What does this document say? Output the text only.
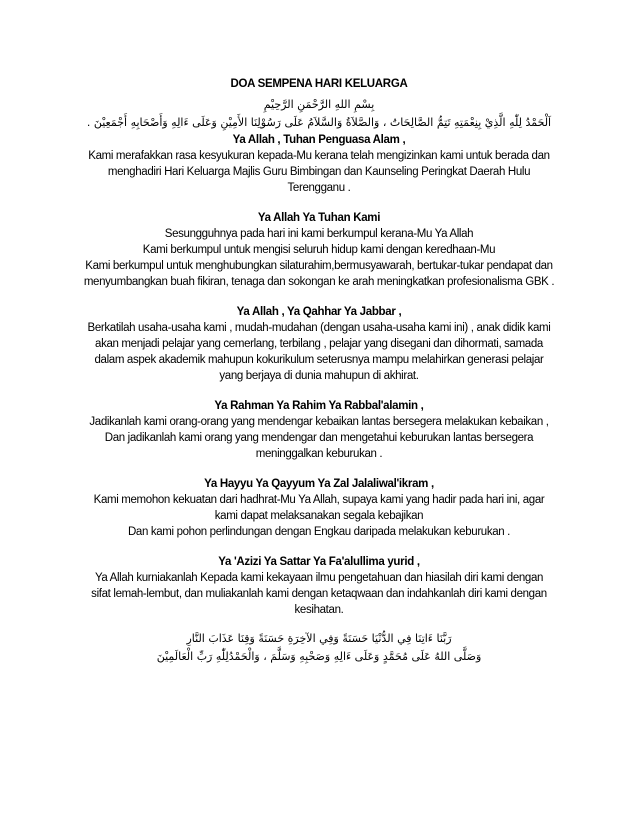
DOA SEMPENA HARI KELUARGA

بِسْمِ اللهِ الرَّحْمَنِ الرَّحِيْمِ

اَلْحَمْدُ لِلّٰهِ الَّذِيْ بِنِعْمَتِهِ تَتِمُّ الصَّالِحَاتُ ، وَالصَّلاَةُ وَالسَّلاَمُ عَلَى رَسُوْلِنَا الأَمِيْنِ وَعَلَى ءَالِهِ وَأَصْحَابِهِ أَجْمَعِيْنَ .

Ya Allah , Tuhan Penguasa Alam ,

Kami merafakkan rasa kesyukuran kepada-Mu kerana telah mengizinkan kami untuk berada dan

menghadiri Hari Keluarga Majlis Guru Bimbingan dan Kaunseling Peringkat Daerah Hulu

Terengganu .

Ya Allah Ya Tuhan Kami

Sesungguhnya pada hari ini kami berkumpul kerana-Mu Ya Allah

Kami berkumpul untuk mengisi seluruh hidup kami dengan keredhaan-Mu

Kami berkumpul untuk menghubungkan silaturahim,bermusyawarah, bertukar-tukar pendapat dan

menyumbangkan buah fikiran, tenaga dan sokongan ke arah meningkatkan profesionalisma GBK .

Ya Allah , Ya Qahhar Ya Jabbar ,

Berkatilah usaha-usaha kami , mudah-mudahan (dengan usaha-usaha kami ini) , anak didik kami

akan menjadi pelajar yang cemerlang, terbilang , pelajar yang disegani dan dihormati, samada

dalam aspek akademik mahupun kokurikulum seterusnya mampu melahirkan generasi pelajar

yang berjaya di dunia mahupun di akhirat.

Ya Rahman Ya Rahim Ya Rabbal'alamin ,

Jadikanlah kami orang-orang yang mendengar kebaikan lantas bersegera melakukan kebaikan ,

Dan jadikanlah kami orang yang mendengar dan mengetahui keburukan lantas bersegera

meninggalkan keburukan .

Ya Hayyu Ya Qayyum Ya Zal Jalaliwal'ikram ,

Kami memohon kekuatan dari hadhrat-Mu Ya Allah, supaya kami yang hadir pada hari ini, agar

kami dapat melaksanakan segala kebajikan

Dan kami pohon perlindungan dengan Engkau daripada melakukan keburukan .

Ya 'Azizi Ya Sattar Ya Fa'alullima yurid ,

Ya Allah kurniakanlah Kepada kami kekayaan ilmu pengetahuan dan hiasilah diri kami dengan

sifat lemah-lembut, dan muliakanlah kami dengan ketaqwaan dan indahkanlah diri kami dengan

kesihatan.

رَبَّنَا ءَاتِنَا فِي الدُّنْيَا حَسَنَةً وَفِي الآخِرَةِ حَسَنَةً وَقِنَا عَذَابَ النَّارِ

وَصَلَّى اللهُ عَلَى مُحَمَّدٍ وَعَلَى ءَالِهِ وَصَحْبِهِ وَسَلَّمَ ، وَالْحَمْدُلِلّٰهِ رَبِّ الْعَالَمِيْنَ
